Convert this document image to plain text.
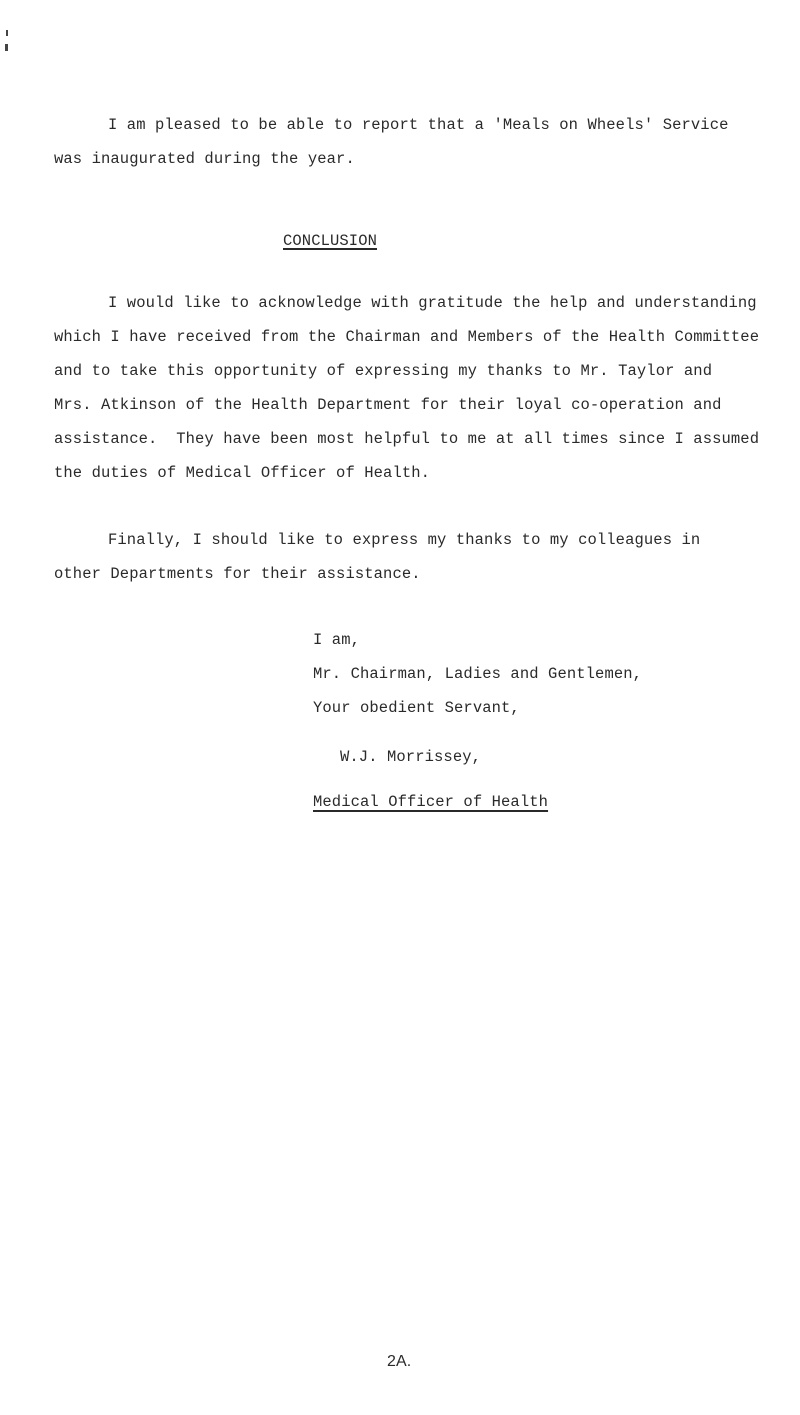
I am pleased to be able to report that a 'Meals on Wheels' Service
was inaugurated during the year.
CONCLUSION
I would like to acknowledge with gratitude the help and understanding
which I have received from the Chairman and Members of the Health Committee
and to take this opportunity of expressing my thanks to Mr. Taylor and
Mrs. Atkinson of the Health Department for their loyal co-operation and
assistance.  They have been most helpful to me at all times since I assumed
the duties of Medical Officer of Health.
Finally, I should like to express my thanks to my colleagues in
other Departments for their assistance.
I am,
Mr. Chairman, Ladies and Gentlemen,
Your obedient Servant,
W.J. Morrissey,
Medical Officer of Health
2A.
